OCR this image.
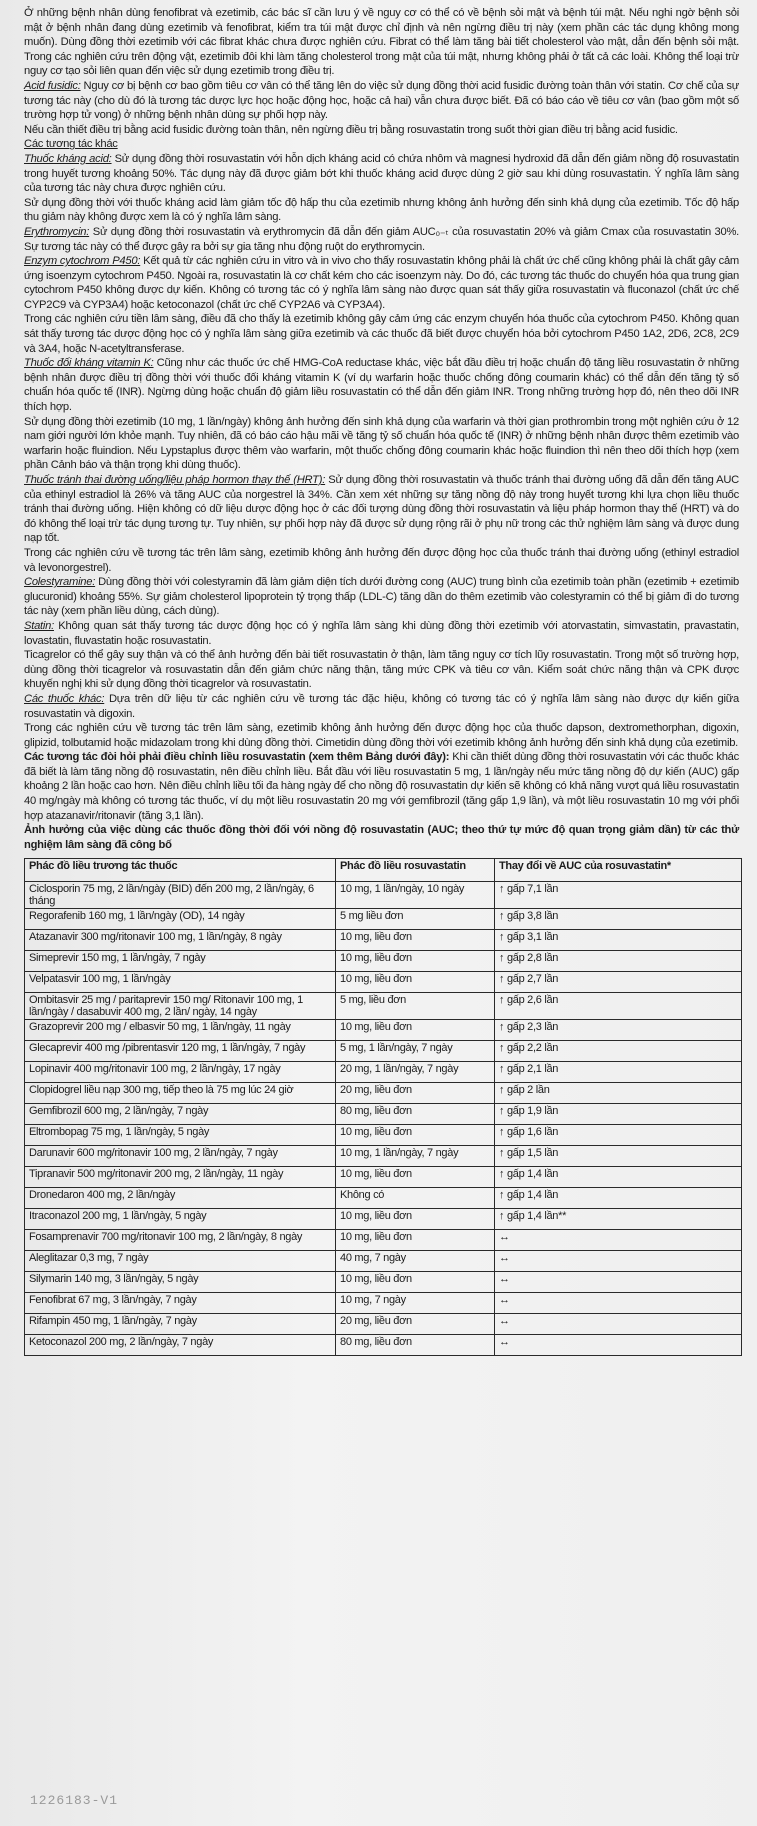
Ở những bệnh nhân dùng fenofibrat và ezetimib, các bác sĩ cần lưu ý về nguy cơ có thể có về bệnh sỏi mật và bệnh túi mật. Nếu nghi ngờ bệnh sỏi mật ở bệnh nhân đang dùng ezetimib và fenofibrat, kiểm tra túi mật được chỉ định và nên ngừng điều trị này (xem phần các tác dụng không mong muốn). Dùng đồng thời ezetimib với các fibrat khác chưa được nghiên cứu. Fibrat có thể làm tăng bài tiết cholesterol vào mật, dẫn đến bệnh sỏi mật. Trong các nghiên cứu trên động vật, ezetimib đôi khi làm tăng cholesterol trong mật của túi mật, nhưng không phải ở tất cả các loài. Không thể loại trừ nguy cơ tạo sỏi liên quan đến việc sử dụng ezetimib trong điều trị.

Acid fusidic: Nguy cơ bị bệnh cơ bao gồm tiêu cơ vân có thể tăng lên do việc sử dụng đồng thời acid fusidic đường toàn thân với statin. Cơ chế của sự tương tác này (cho dù đó là tương tác dược lực học hoặc động học, hoặc cả hai) vẫn chưa được biết. Đã có báo cáo về tiêu cơ vân (bao gồm một số trường hợp tử vong) ở những bệnh nhân dùng sự phối hợp này.

Nếu cần thiết điều trị bằng acid fusidic đường toàn thân, nên ngừng điều trị bằng rosuvastatin trong suốt thời gian điều trị bằng acid fusidic.

Các tương tác khác

Thuốc kháng acid: Sử dụng đồng thời rosuvastatin với hỗn dịch kháng acid có chứa nhôm và magnesi hydroxid đã dẫn đến giảm nồng độ rosuvastatin trong huyết tương khoảng 50%. Tác dụng này đã được giảm bớt khi thuốc kháng acid được dùng 2 giờ sau khi dùng rosuvastatin. Ý nghĩa lâm sàng của tương tác này chưa được nghiên cứu.

Sử dụng đồng thời với thuốc kháng acid làm giảm tốc độ hấp thu của ezetimib nhưng không ảnh hưởng đến sinh khả dụng của ezetimib. Tốc độ hấp thu giảm này không được xem là có ý nghĩa lâm sàng.

Erythromycin: Sử dụng đồng thời rosuvastatin và erythromycin đã dẫn đến giảm AUC₀₋ₜ của rosuvastatin 20% và giảm Cmax của rosuvastatin 30%. Sự tương tác này có thể được gây ra bởi sự gia tăng nhu động ruột do erythromycin.

Enzym cytochrom P450: Kết quả từ các nghiên cứu in vitro và in vivo cho thấy rosuvastatin không phải là chất ức chế cũng không phải là chất gây cảm ứng isoenzym cytochrom P450. Ngoài ra, rosuvastatin là cơ chất kém cho các isoenzym này. Do đó, các tương tác thuốc do chuyển hóa qua trung gian cytochrom P450 không được dự kiến. Không có tương tác có ý nghĩa lâm sàng nào được quan sát thấy giữa rosuvastatin và fluconazol (chất ức chế CYP2C9 và CYP3A4) hoặc ketoconazol (chất ức chế CYP2A6 và CYP3A4).

Trong các nghiên cứu tiền lâm sàng, điều đã cho thấy là ezetimib không gây cảm ứng các enzym chuyển hóa thuốc của cytochrom P450. Không quan sát thấy tương tác dược động học có ý nghĩa lâm sàng giữa ezetimib và các thuốc đã biết được chuyển hóa bởi cytochrom P450 1A2, 2D6, 2C8, 2C9 và 3A4, hoặc N-acetyltransferase.

Thuốc đối kháng vitamin K: Cũng như các thuốc ức chế HMG-CoA reductase khác, việc bắt đầu điều trị hoặc chuẩn độ tăng liều rosuvastatin ở những bệnh nhân được điều trị đồng thời với thuốc đối kháng vitamin K (ví dụ warfarin hoặc thuốc chống đông coumarin khác) có thể dẫn đến tăng tỷ số chuẩn hóa quốc tế (INR). Ngừng dùng hoặc chuẩn độ giảm liều rosuvastatin có thể dẫn đến giảm INR. Trong những trường hợp đó, nên theo dõi INR thích hợp.

Sử dụng đồng thời ezetimib (10 mg, 1 lần/ngày) không ảnh hưởng đến sinh khả dụng của warfarin và thời gian prothrombin trong một nghiên cứu ở 12 nam giới người lớn khỏe mạnh. Tuy nhiên, đã có báo cáo hậu mãi về tăng tỷ số chuẩn hóa quốc tế (INR) ở những bệnh nhân được thêm ezetimib vào warfarin hoặc fluindion. Nếu Lypstaplus được thêm vào warfarin, một thuốc chống đông coumarin khác hoặc fluindion thì nên theo dõi thích hợp (xem phần Cảnh báo và thận trọng khi dùng thuốc).

Thuốc tránh thai đường uống/liệu pháp hormon thay thế (HRT): Sử dụng đồng thời rosuvastatin và thuốc tránh thai đường uống đã dẫn đến tăng AUC của ethinyl estradiol là 26% và tăng AUC của norgestrel là 34%. Cần xem xét những sự tăng nồng độ này trong huyết tương khi lựa chọn liều thuốc tránh thai đường uống. Hiện không có dữ liệu dược động học ở các đối tượng dùng đồng thời rosuvastatin và liệu pháp hormon thay thế (HRT) và do đó không thể loại trừ tác dụng tương tự. Tuy nhiên, sự phối hợp này đã được sử dụng rộng rãi ở phụ nữ trong các thử nghiệm lâm sàng và được dung nạp tốt.

Trong các nghiên cứu về tương tác trên lâm sàng, ezetimib không ảnh hưởng đến được động học của thuốc tránh thai đường uống (ethinyl estradiol và levonorgestrel).

Colestyramine: Dùng đồng thời với colestyramin đã làm giảm diện tích dưới đường cong (AUC) trung bình của ezetimib toàn phần (ezetimib + ezetimib glucuronid) khoảng 55%. Sự giảm cholesterol lipoprotein tỷ trọng thấp (LDL-C) tăng dần do thêm ezetimib vào colestyramin có thể bị giảm đi do tương tác này (xem phần liều dùng, cách dùng).

Statin: Không quan sát thấy tương tác dược động học có ý nghĩa lâm sàng khi dùng đồng thời ezetimib với atorvastatin, simvastatin, pravastatin, lovastatin, fluvastatin hoặc rosuvastatin.

Ticagrelor có thể gây suy thận và có thể ảnh hưởng đến bài tiết rosuvastatin ở thận, làm tăng nguy cơ tích lũy rosuvastatin. Trong một số trường hợp, dùng đồng thời ticagrelor và rosuvastatin dẫn đến giảm chức năng thận, tăng mức CPK và tiêu cơ vân. Kiểm soát chức năng thận và CPK được khuyến nghị khi sử dụng đồng thời ticagrelor và rosuvastatin.

Các thuốc khác: Dựa trên dữ liệu từ các nghiên cứu về tương tác đặc hiệu, không có tương tác có ý nghĩa lâm sàng nào được dự kiến giữa rosuvastatin và digoxin.

Trong các nghiên cứu về tương tác trên lâm sàng, ezetimib không ảnh hưởng đến được động học của thuốc dapson, dextromethorphan, digoxin, glipizid, tolbutamid hoặc midazolam trong khi dùng đồng thời. Cimetidin dùng đồng thời với ezetimib không ảnh hưởng đến sinh khả dụng của ezetimib.

Các tương tác đòi hỏi phải điều chỉnh liều rosuvastatin (xem thêm Bảng dưới đây): Khi cần thiết dùng đồng thời rosuvastatin với các thuốc khác đã biết là làm tăng nồng độ rosuvastatin, nên điều chỉnh liều. Bắt đầu với liều rosuvastatin 5 mg, 1 lần/ngày nếu mức tăng nồng độ dự kiến (AUC) gấp khoảng 2 lần hoặc cao hơn. Nên điều chỉnh liều tối đa hàng ngày để cho nồng độ rosuvastatin dự kiến sẽ không có khả năng vượt quá liều rosuvastatin 40 mg/ngày mà không có tương tác thuốc, ví dụ một liều rosuvastatin 20 mg với gemfibrozil (tăng gấp 1,9 lần), và một liều rosuvastatin 10 mg với phối hợp atazanavir/ritonavir (tăng 3,1 lần).

Ảnh hưởng của việc dùng các thuốc đồng thời đối với nồng độ rosuvastatin (AUC; theo thứ tự mức độ quan trọng giảm dần) từ các thử nghiệm lâm sàng đã công bố

Phác đồ liều trương tác thuốc	Phác đồ liều rosuvastatin	Thay đổi về AUC của rosuvastatin*
Ciclosporin 75 mg, 2 lần/ngày (BID) đến 200 mg, 2 lần/ngày, 6 tháng	10 mg, 1 lần/ngày, 10 ngày	↑ gấp 7,1 lần
Regorafenib 160 mg, 1 lần/ngày (OD), 14 ngày	5 mg liều đơn	↑ gấp 3,8 lần
Atazanavir 300 mg/ritonavir 100 mg, 1 lần/ngày, 8 ngày	10 mg, liều đơn	↑ gấp 3,1 lần
Simeprevir 150 mg, 1 lần/ngày, 7 ngày	10 mg, liều đơn	↑ gấp 2,8 lần
Velpatasvir 100 mg, 1 lần/ngày	10 mg, liều đơn	↑ gấp 2,7 lần
Ombitasvir 25 mg / paritaprevir 150 mg/ Ritonavir 100 mg, 1 lần/ngày / dasabuvir 400 mg, 2 lần/ ngày, 14 ngày	5 mg, liều đơn	↑ gấp 2,6 lần
Grazoprevir 200 mg / elbasvir 50 mg, 1 lần/ngày, 11 ngày	10 mg, liều đơn	↑ gấp 2,3 lần
Glecaprevir 400 mg /pibrentasvir 120 mg, 1 lần/ngày, 7 ngày	5 mg, 1 lần/ngày, 7 ngày	↑ gấp 2,2 lần
Lopinavir 400 mg/ritonavir 100 mg, 2 lần/ngày, 17 ngày	20 mg, 1 lần/ngày, 7 ngày	↑ gấp 2,1 lần
Clopidogrel liều nạp 300 mg, tiếp theo là 75 mg lúc 24 giờ	20 mg, liều đơn	↑ gấp 2 lần
Gemfibrozil 600 mg, 2 lần/ngày, 7 ngày	80 mg, liều đơn	↑ gấp 1,9 lần
Eltrombopag 75 mg, 1 lần/ngày, 5 ngày	10 mg, liều đơn	↑ gấp 1,6 lần
Darunavir 600 mg/ritonavir 100 mg, 2 lần/ngày, 7 ngày	10 mg, 1 lần/ngày, 7 ngày	↑ gấp 1,5 lần
Tipranavir 500 mg/ritonavir 200 mg, 2 lần/ngày, 11 ngày	10 mg, liều đơn	↑ gấp 1,4 lần
Dronedaron 400 mg, 2 lần/ngày	Không có	↑ gấp 1,4 lần
Itraconazol 200 mg, 1 lần/ngày, 5 ngày	10 mg, liều đơn	↑ gấp 1,4 lần**
Fosamprenavir 700 mg/ritonavir 100 mg, 2 lần/ngày, 8 ngày	10 mg, liều đơn	↔
Aleglitazar 0,3 mg, 7 ngày	40 mg, 7 ngày	↔
Silymarin 140 mg, 3 lần/ngày, 5 ngày	10 mg, liều đơn	↔
Fenofibrat 67 mg, 3 lần/ngày, 7 ngày	10 mg, 7 ngày	↔
Rifampin 450 mg, 1 lần/ngày, 7 ngày	20 mg, liều đơn	↔
Ketoconazol 200 mg, 2 lần/ngày, 7 ngày	80 mg, liều đơn	↔
1226183-V1
